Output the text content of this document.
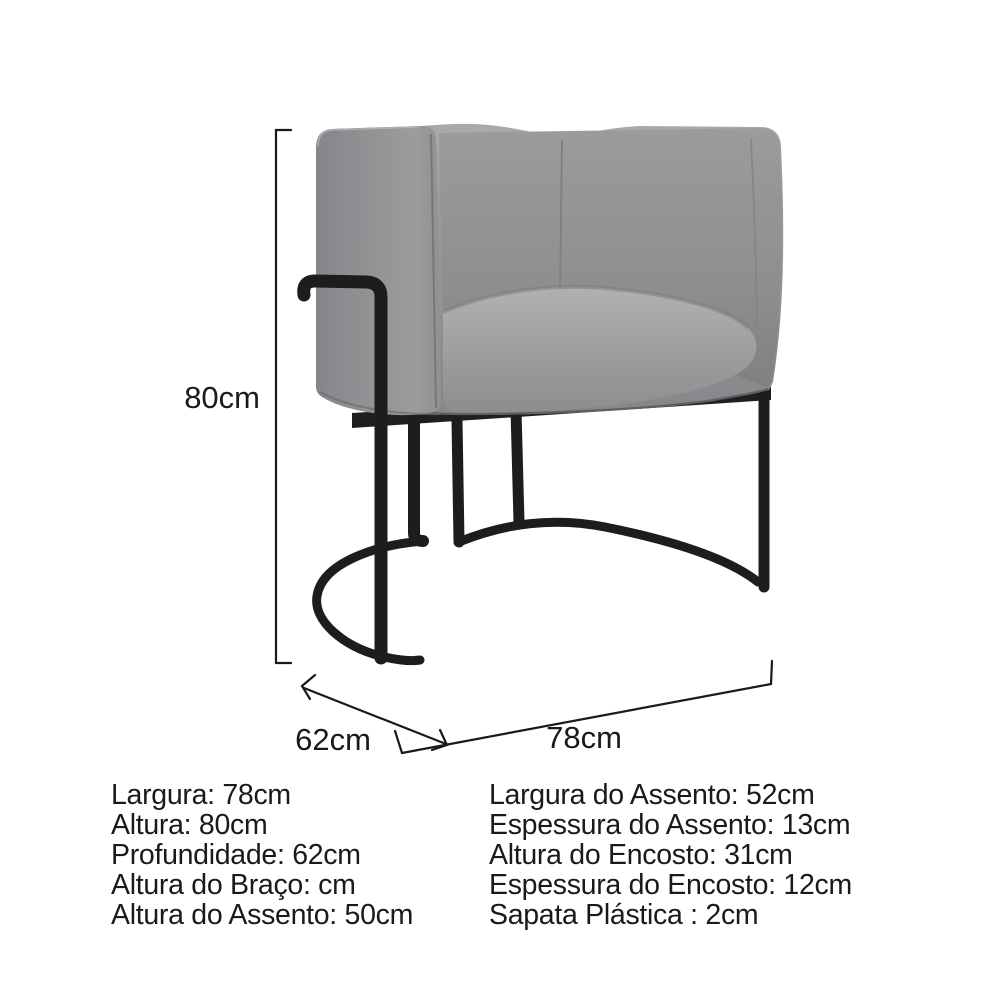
80cm
62cm	78cm
Largura: 78cm
Altura: 80cm
Profundidade: 62cm
Altura do Braço: cm
Altura do Assento: 50cm
Largura do Assento: 52cm
Espessura do Assento: 13cm
Altura do Encosto: 31cm
Espessura do Encosto: 12cm
Sapata Plástica : 2cm
